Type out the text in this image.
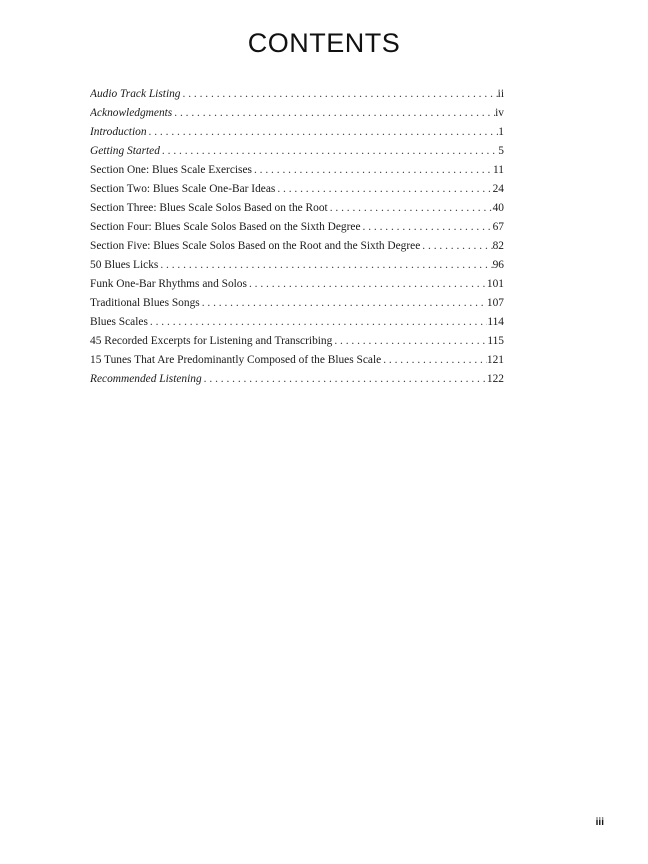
CONTENTS
Audio Track Listing . . .	ii
Acknowledgments . . .	iv
Introduction . . .	1
Getting Started . . .	5
Section One: Blues Scale Exercises . . .	11
Section Two: Blues Scale One-Bar Ideas . . .	24
Section Three: Blues Scale Solos Based on the Root . . .	40
Section Four: Blues Scale Solos Based on the Sixth Degree . . .	67
Section Five: Blues Scale Solos Based on the Root and the Sixth Degree . . .	82
50 Blues Licks . . .	96
Funk One-Bar Rhythms and Solos . . .	101
Traditional Blues Songs . . .	107
Blues Scales . . .	114
45 Recorded Excerpts for Listening and Transcribing . . .	115
15 Tunes That Are Predominantly Composed of the Blues Scale . . .	121
Recommended Listening . . .	122
iii
